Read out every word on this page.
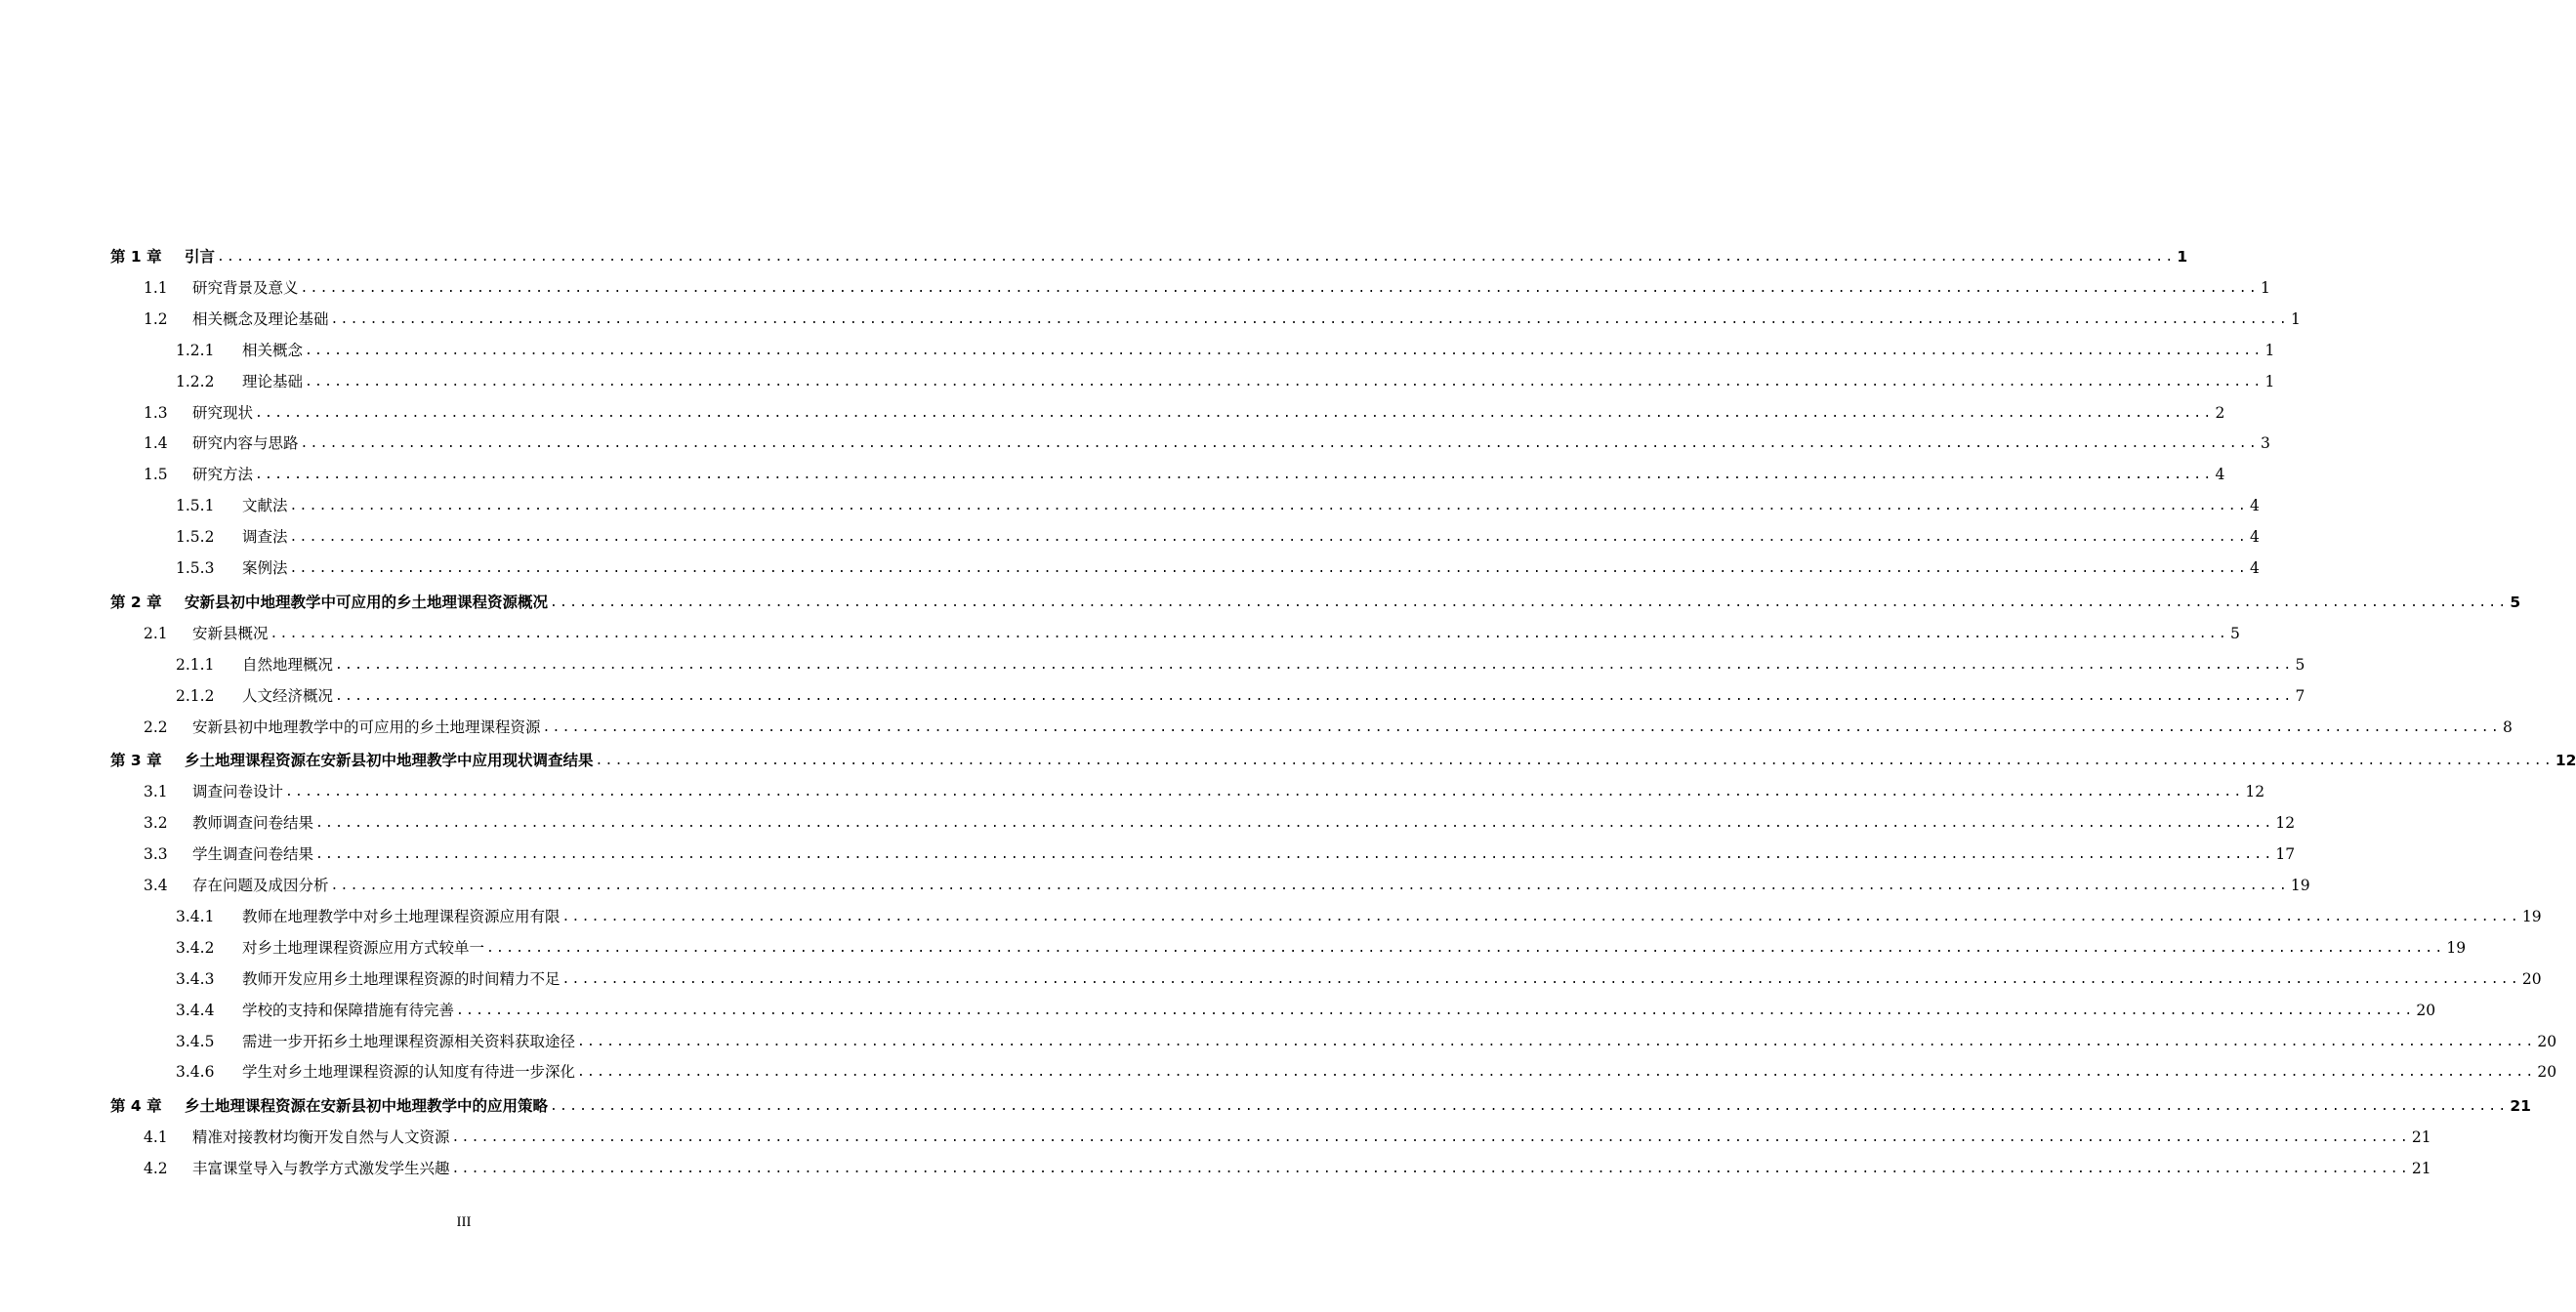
第 1 章	引言 ........................................................................................................................................................................................................ 1
1.1	研究背景及意义 ........................................................................................................................................................................................................ 1
1.2	相关概念及理论基础 ........................................................................................................................................................................................................ 1
1.2.1	相关概念 ........................................................................................................................................................................................................ 1
1.2.2	理论基础 ........................................................................................................................................................................................................ 1
1.3	研究现状 ........................................................................................................................................................................................................ 2
1.4	研究内容与思路 ........................................................................................................................................................................................................ 3
1.5	研究方法 ........................................................................................................................................................................................................ 4
1.5.1	文献法 ........................................................................................................................................................................................................ 4
1.5.2	调查法 ........................................................................................................................................................................................................ 4
1.5.3	案例法 ........................................................................................................................................................................................................ 4
第 2 章	安新县初中地理教学中可应用的乡土地理课程资源概况 ........................................................................................................................................................................................................ 5
2.1	安新县概况 ........................................................................................................................................................................................................ 5
2.1.1	自然地理概况 ........................................................................................................................................................................................................ 5
2.1.2	人文经济概况 ........................................................................................................................................................................................................ 7
2.2	安新县初中地理教学中的可应用的乡土地理课程资源 ........................................................................................................................................................................................................ 8
第 3 章	乡土地理课程资源在安新县初中地理教学中应用现状调查结果 ........................................................................................................................................................................................................ 12
3.1	调查问卷设计 ........................................................................................................................................................................................................ 12
3.2	教师调查问卷结果 ........................................................................................................................................................................................................ 12
3.3	学生调查问卷结果 ........................................................................................................................................................................................................ 17
3.4	存在问题及成因分析 ........................................................................................................................................................................................................ 19
3.4.1	教师在地理教学中对乡土地理课程资源应用有限 ........................................................................................................................................................................................................ 19
3.4.2	对乡土地理课程资源应用方式较单一 ........................................................................................................................................................................................................ 19
3.4.3	教师开发应用乡土地理课程资源的时间精力不足 ........................................................................................................................................................................................................ 20
3.4.4	学校的支持和保障措施有待完善 ........................................................................................................................................................................................................ 20
3.4.5	需进一步开拓乡土地理课程资源相关资料获取途径 ........................................................................................................................................................................................................ 20
3.4.6	学生对乡土地理课程资源的认知度有待进一步深化 ........................................................................................................................................................................................................ 20
第 4 章	乡土地理课程资源在安新县初中地理教学中的应用策略 ........................................................................................................................................................................................................ 21
4.1	精准对接教材均衡开发自然与人文资源 ........................................................................................................................................................................................................ 21
4.2	丰富课堂导入与教学方式激发学生兴趣 ........................................................................................................................................................................................................ 21
III
